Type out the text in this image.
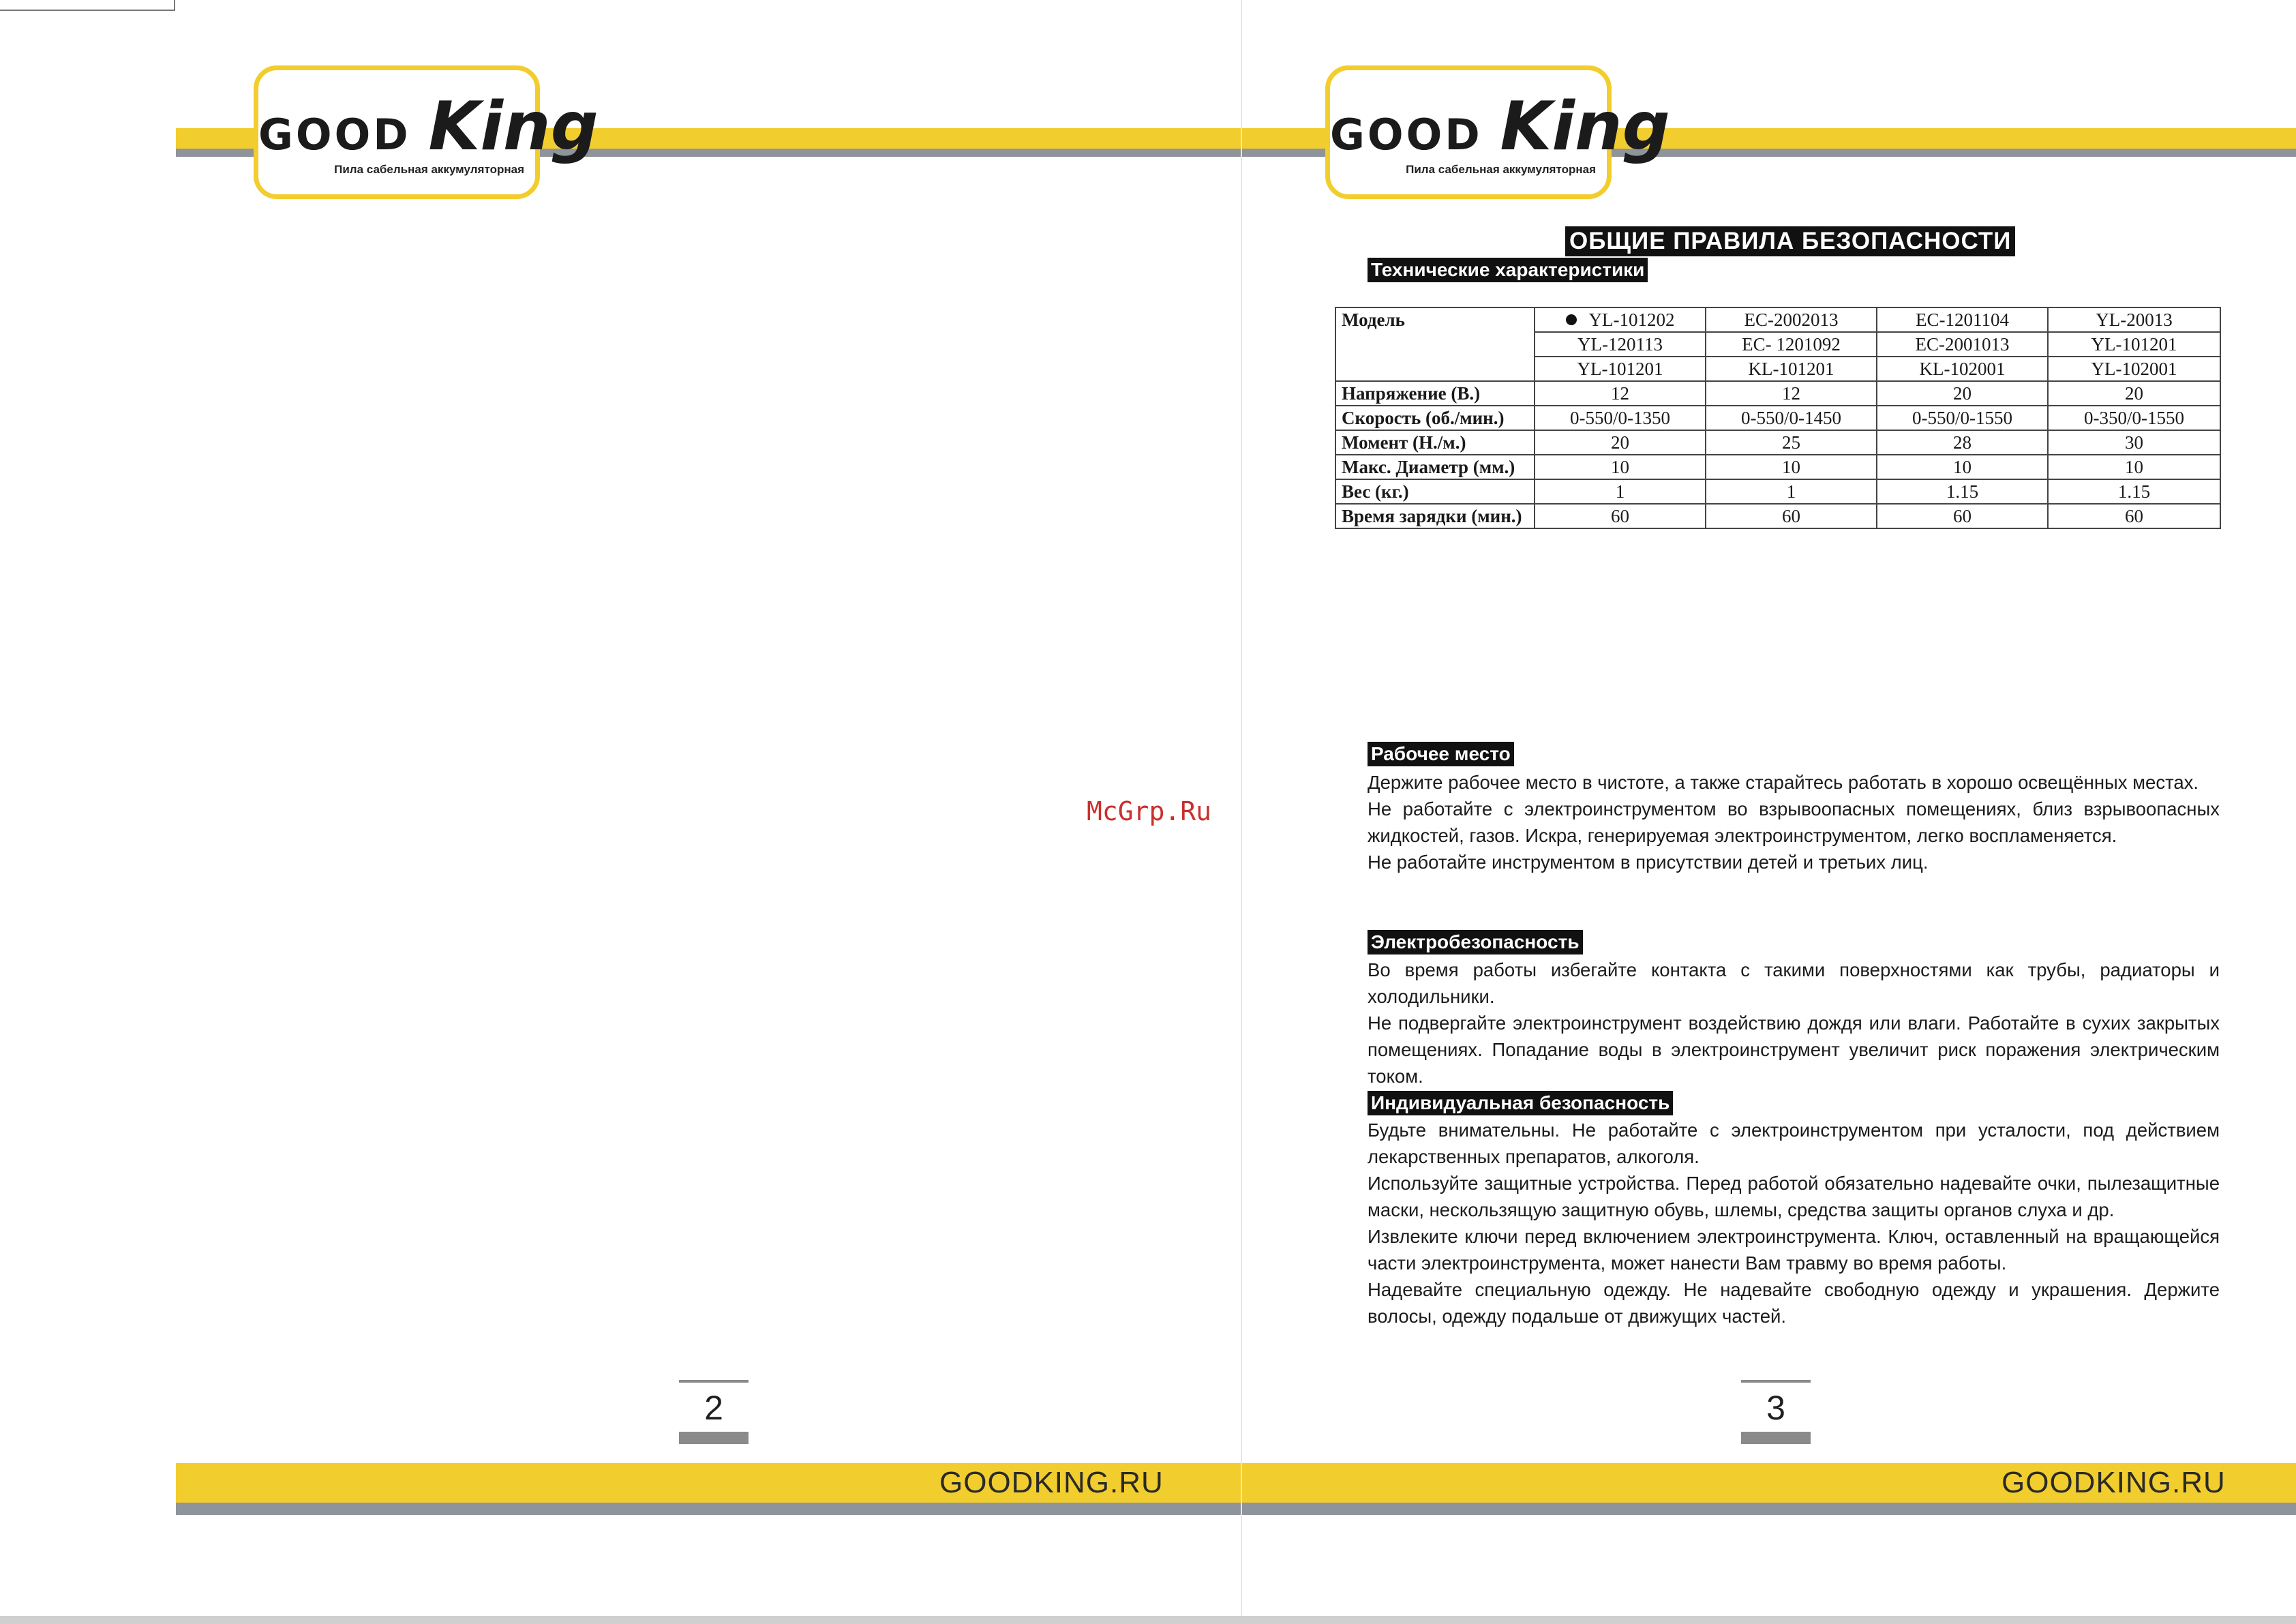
GOOD King
Пила сабельная аккумуляторная
2
GOODKING.RU
McGrp.Ru
GOOD King
Пила сабельная аккумуляторная
3
GOODKING.RU
ОБЩИЕ ПРАВИЛА БЕЗОПАСНОСТИ
Технические характеристики
Модель	YL-101202	EC-2002013	EC-1201104	YL-20013
	YL-120113	EC- 1201092	EC-2001013	YL-101201
	YL-101201	KL-101201	KL-102001	YL-102001
Напряжение (В.)	12	12	20	20
Скорость (об./мин.)	0-550/0-1350	0-550/0-1450	0-550/0-1550	0-350/0-1550
Момент (Н./м.)	20	25	28	30
Макс. Диаметр (мм.)	10	10	10	10
Вес (кг.)	1	1	1.15	1.15
Время зарядки (мин.)	60	60	60	60
Рабочее место

Держите рабочее место в чистоте, а также старайтесь работать в хорошо освещённых местах.

Не работайте с электроинструментом во взрывоопасных помещениях, близ взрывоопасных жидкостей, газов. Искра, генерируемая электроинструментом, легко воспламеняется.

Не работайте инструментом в присутствии детей и третьих лиц.

Электробезопасность

Во время работы избегайте контакта с такими поверхностями как трубы, радиаторы и холодильники.

Не подвергайте электроинструмент воздействию дождя или влаги. Работайте в сухих закрытых помещениях. Попадание воды в электроинструмент увеличит риск поражения электрическим током.

Индивидуальная безопасность

Будьте внимательны. Не работайте с электроинструментом при усталости, под действием лекарственных препаратов, алкоголя.

Используйте защитные устройства. Перед работой обязательно надевайте очки, пылезащитные маски, нескользящую защитную обувь, шлемы, средства защиты органов слуха и др.

Извлеките ключи перед включением электроинструмента. Ключ, оставленный на вращающейся части электроинструмента, может нанести Вам травму во время работы.

Надевайте специальную одежду. Не надевайте свободную одежду и украшения. Держите волосы, одежду подальше от движущих частей.
